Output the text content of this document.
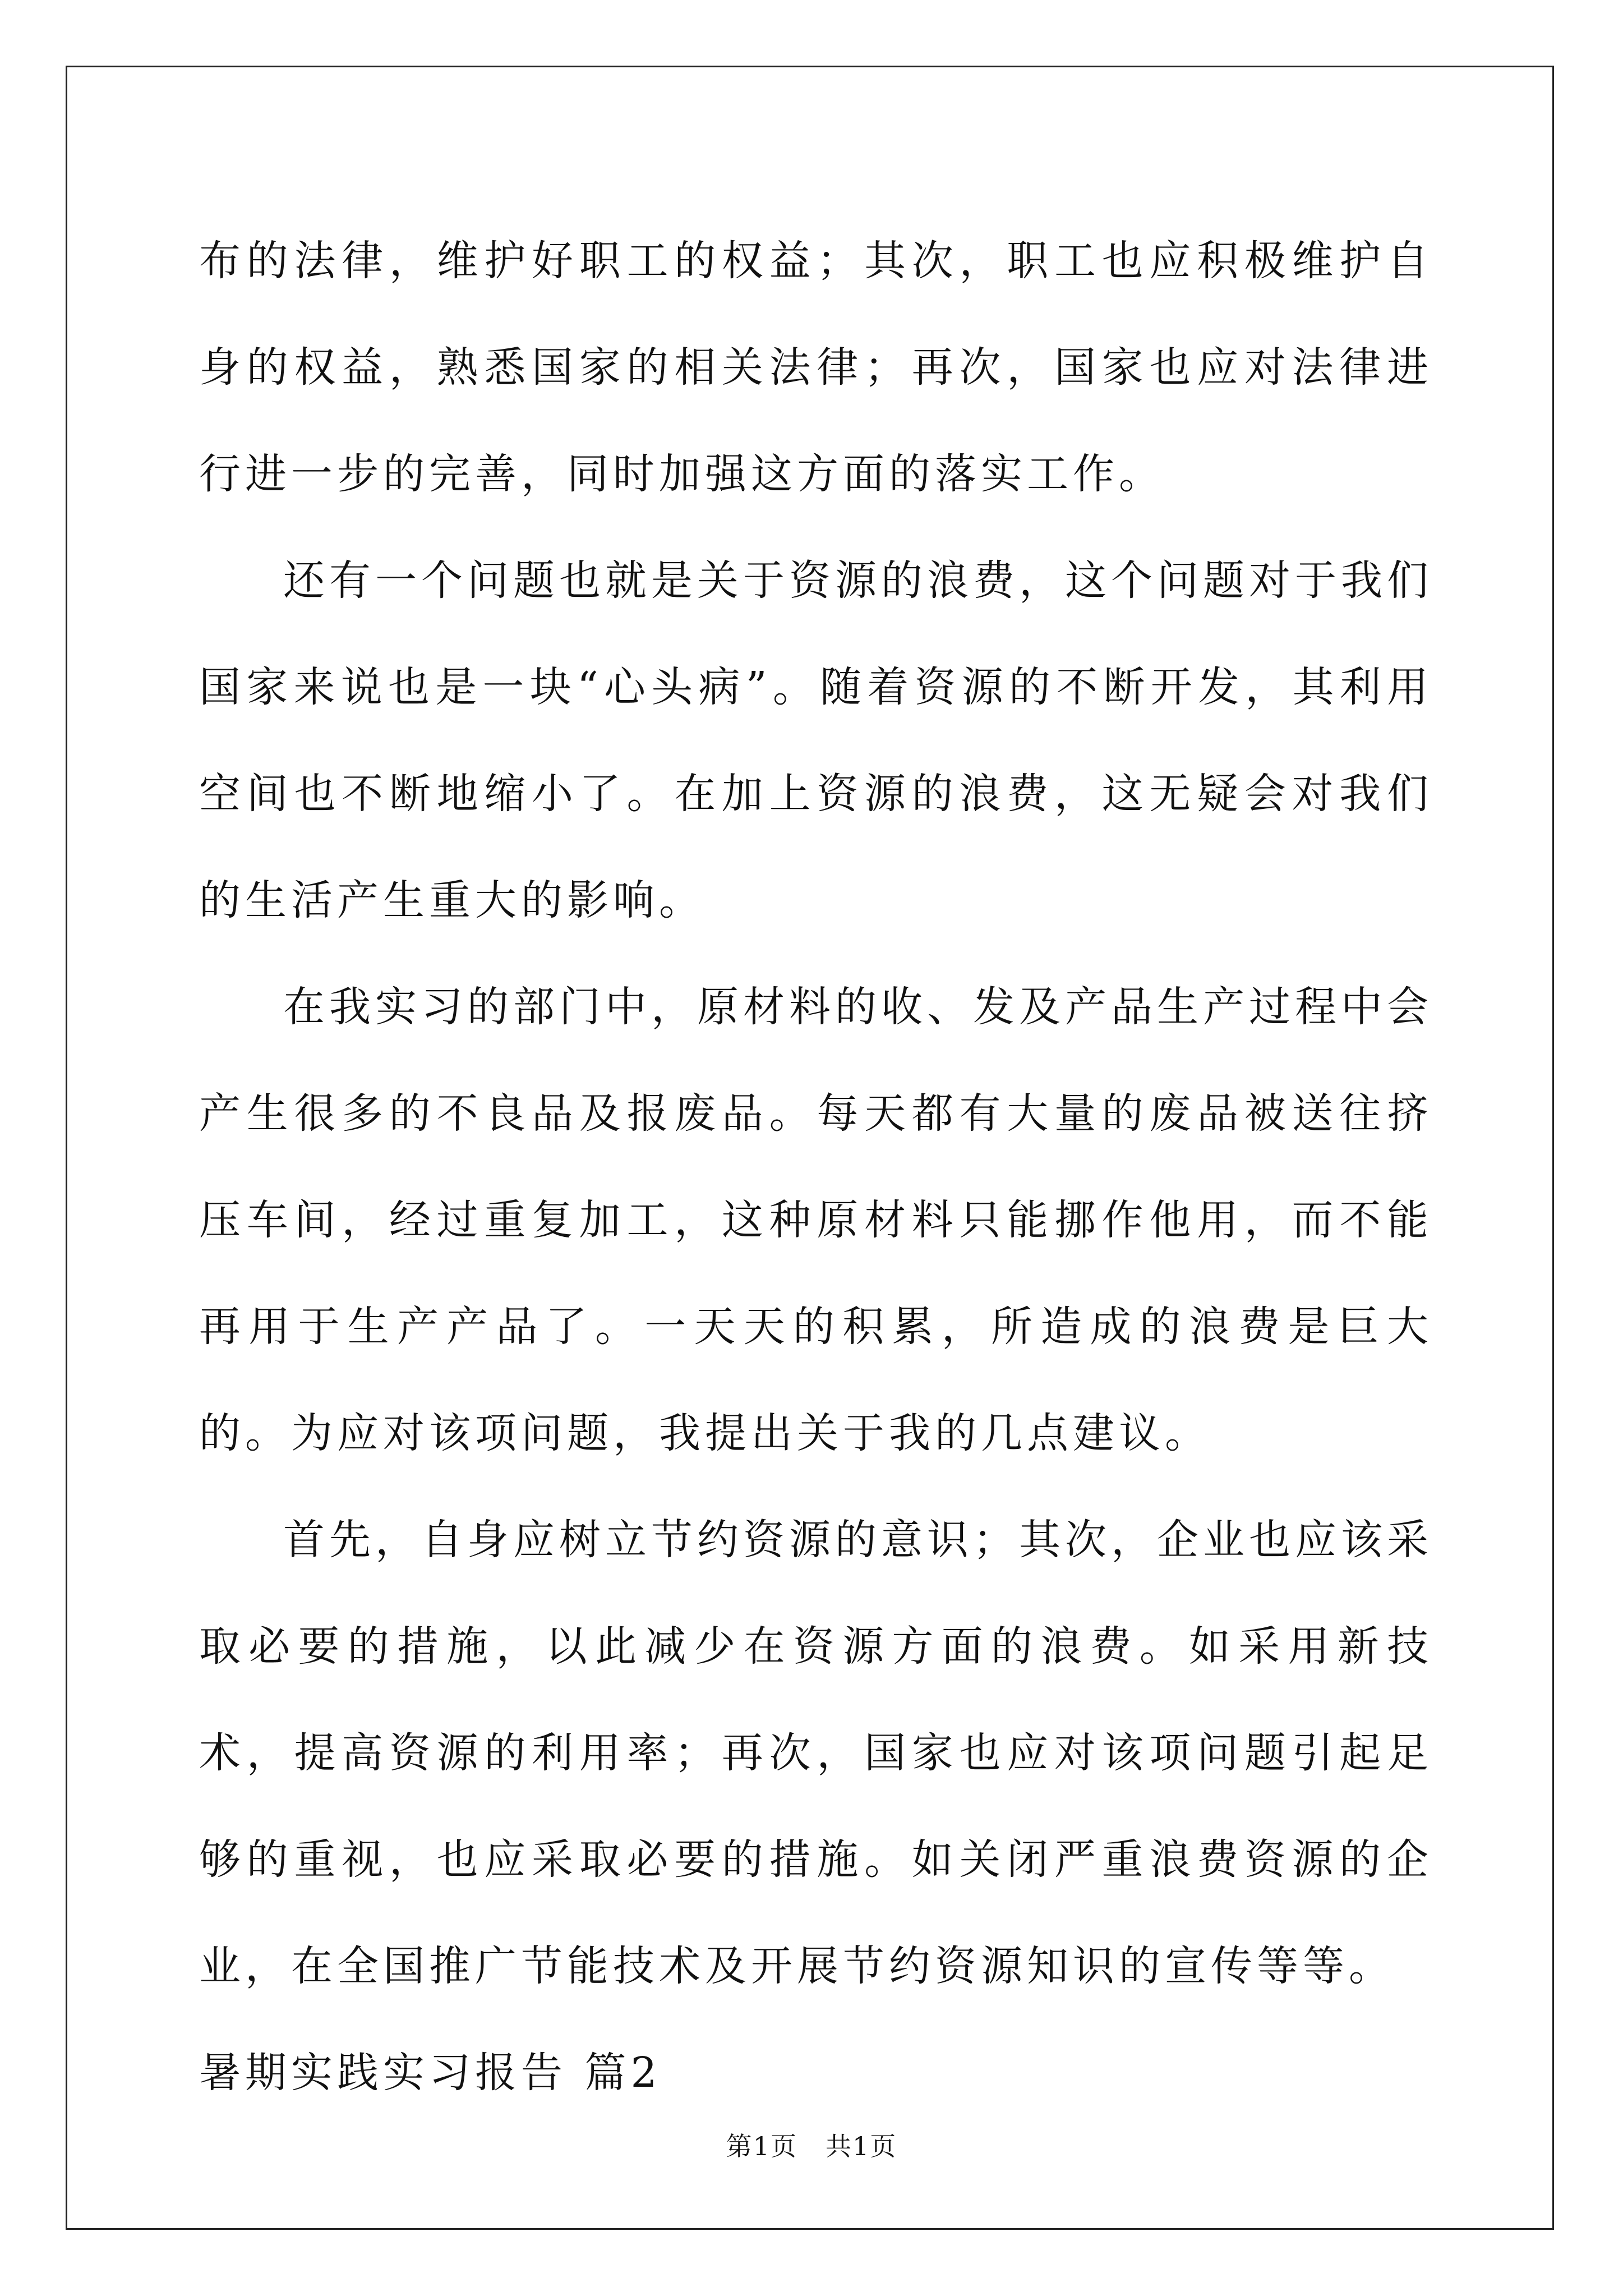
布的法律，维护好职工的权益；其次，职工也应积极维护自身的权益，熟悉国家的相关法律；再次，国家也应对法律进行进一步的完善，同时加强这方面的落实工作。

还有一个问题也就是关于资源的浪费，这个问题对于我们国家来说也是一块“心头病”。随着资源的不断开发，其利用空间也不断地缩小了。在加上资源的浪费，这无疑会对我们的生活产生重大的影响。

在我实习的部门中，原材料的收、发及产品生产过程中会产生很多的不良品及报废品。每天都有大量的废品被送往挤压车间，经过重复加工，这种原材料只能挪作他用，而不能再用于生产产品了。一天天的积累，所造成的浪费是巨大的。为应对该项问题，我提出关于我的几点建议。

首先，自身应树立节约资源的意识；其次，企业也应该采取必要的措施，以此减少在资源方面的浪费。如采用新技术，提高资源的利用率；再次，国家也应对该项问题引起足够的重视，也应采取必要的措施。如关闭严重浪费资源的企业，在全国推广节能技术及开展节约资源知识的宣传等等。

暑期实践实习报告 篇2

第1页 共1页
